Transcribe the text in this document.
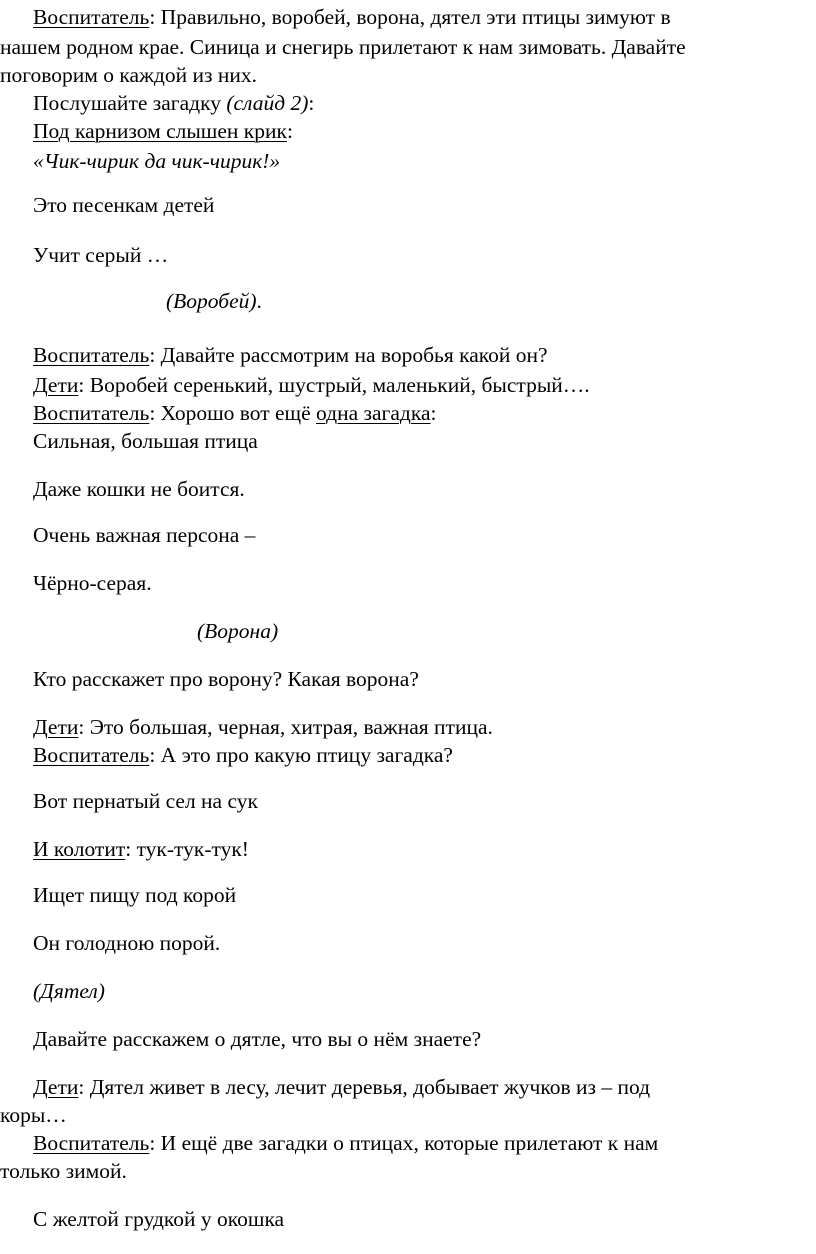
Воспитатель: Правильно, воробей, ворона, дятел эти птицы зимуют в
нашем родном крае. Синица и снегирь прилетают к нам зимовать. Давайте
поговорим о каждой из них.
Послушайте загадку (слайд 2):
Под карнизом слышен крик:
«Чик-чирик да чик-чирик!»
Это песенкам детей
Учит серый …
(Воробей).
Воспитатель: Давайте рассмотрим на воробья какой он?
Дети: Воробей серенький, шустрый, маленький, быстрый….
Воспитатель: Хорошо вот ещё одна загадка:
Сильная, большая птица
Даже кошки не боится.
Очень важная персона –
Чёрно-серая.
(Ворона)
Кто расскажет про ворону? Какая ворона?
Дети: Это большая, черная, хитрая, важная птица.
Воспитатель: А это про какую птицу загадка?
Вот пернатый сел на сук
И колотит: тук-тук-тук!
Ищет пищу под корой
Он голодною порой.
(Дятел)
Давайте расскажем о дятле, что вы о нём знаете?
Дети: Дятел живет в лесу, лечит деревья, добывает жучков из – под
коры…
Воспитатель: И ещё две загадки о птицах, которые прилетают к нам
только зимой.
С желтой грудкой у окошка
